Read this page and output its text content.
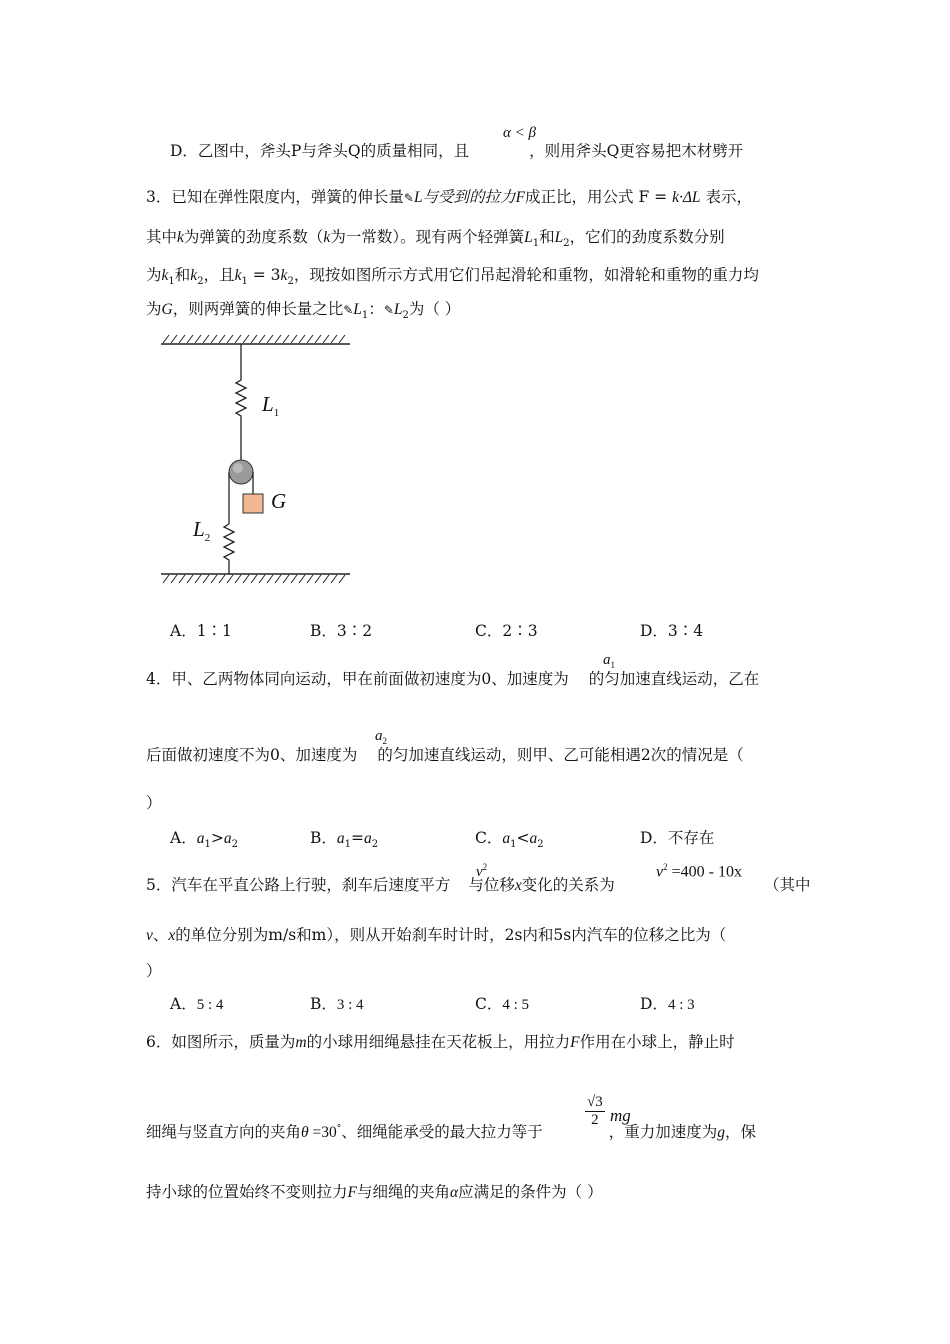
D．乙图中，斧头P与斧头Q的质量相同，且	，则用斧头Q更容易把木材劈开
α < β
3．已知在弹性限度内，弹簧的伸长量✎L与受到的拉力F成正比，用公式 F = k·ΔL 表示，
其中k为弹簧的劲度系数（k为一常数）。现有两个轻弹簧$L_1$和$L_2$，它们的劲度系数分别
为$k_1$和$k_2$，且$k_1 = 3k_2$，现按如图所示方式用它们吊起滑轮和重物，如滑轮和重物的重力均
为G，则两弹簧的伸长量之比$✎L_1$：$✎L_2$为（ ）
$L_1$
G
$L_2$
A．1∶1	B．3∶2	C．2∶3	D．3∶4
4．甲、乙两物体同向运动，甲在前面做初速度为0、加速度为 的匀加速直线运动，乙在
$a_1$
后面做初速度不为0、加速度为 的匀加速直线运动，则甲、乙可能相遇2次的情况是（
$a_2$
）
A．$a_1>a_2$	B．$a_1=a_2$	C．$a_1<a_2$	D．不存在
5．汽车在平直公路上行驶，刹车后速度平方 与位移x变化的关系为
$v^2$	$v^2 =400 - 10x$
（其中
v、x的单位分别为m/s和m），则从开始刹车时计时，2s内和5s内汽车的位移之比为（
）
A．5 : 4	B．3 : 4	C．4 : 5	D．4 : 3
6．如图所示，质量为m的小球用细绳悬挂在天花板上，用拉力F作用在小球上，静止时
细绳与竖直方向的夹角θ =30°、细绳能承受的最大拉力等于	，重力加速度为g，保
$\frac{√3}{2}$ mg
持小球的位置始终不变则拉力F与细绳的夹角α应满足的条件为（ ）
